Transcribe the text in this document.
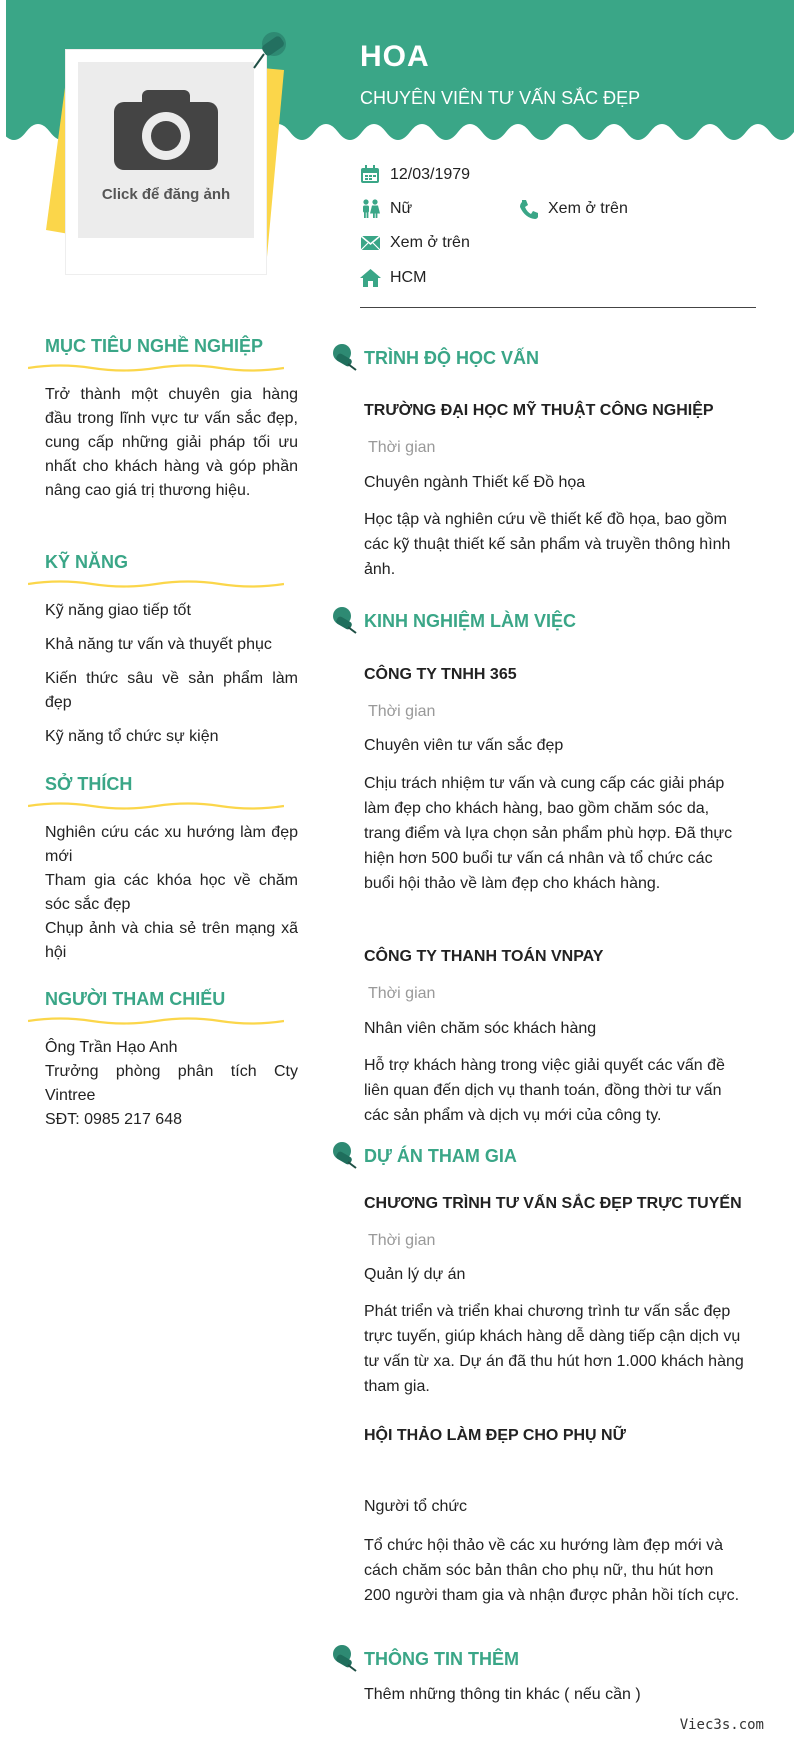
HOA
CHUYÊN VIÊN TƯ VẤN SẮC ĐẸP
Click để đăng ảnh
12/03/1979
Nữ	Xem ở trên
Xem ở trên
HCM
MỤC TIÊU NGHỀ NGHIỆP
Trở thành một chuyên gia hàng đầu trong lĩnh vực tư vấn sắc đẹp, cung cấp những giải pháp tối ưu nhất cho khách hàng và góp phần nâng cao giá trị thương hiệu.
KỸ NĂNG
Kỹ năng giao tiếp tốt
Khả năng tư vấn và thuyết phục
Kiến thức sâu về sản phẩm làm đẹp
Kỹ năng tổ chức sự kiện
SỞ THÍCH

Nghiên cứu các xu hướng làm đẹp mới

Tham gia các khóa học về chăm sóc sắc đẹp

Chụp ảnh và chia sẻ trên mạng xã hội

NGƯỜI THAM CHIẾU

Ông Trần Hạo Anh

Trưởng phòng phân tích Cty Vintree

SĐT: 0985 217 648

TRÌNH ĐỘ HỌC VẤN
KINH NGHIỆM LÀM VIỆC
DỰ ÁN THAM GIA
THÔNG TIN THÊM
TRƯỜNG ĐẠI HỌC MỸ THUẬT CÔNG NGHIỆP
Thời gian
Chuyên ngành Thiết kế Đồ họa
Học tập và nghiên cứu về thiết kế đồ họa, bao gồm các kỹ thuật thiết kế sản phẩm và truyền thông hình ảnh.
CÔNG TY TNHH 365
Thời gian
Chuyên viên tư vấn sắc đẹp
Chịu trách nhiệm tư vấn và cung cấp các giải pháp làm đẹp cho khách hàng, bao gồm chăm sóc da, trang điểm và lựa chọn sản phẩm phù hợp. Đã thực hiện hơn 500 buổi tư vấn cá nhân và tổ chức các buổi hội thảo về làm đẹp cho khách hàng.
CÔNG TY THANH TOÁN VNPAY
Thời gian
Nhân viên chăm sóc khách hàng
Hỗ trợ khách hàng trong việc giải quyết các vấn đề liên quan đến dịch vụ thanh toán, đồng thời tư vấn các sản phẩm và dịch vụ mới của công ty.
CHƯƠNG TRÌNH TƯ VẤN SẮC ĐẸP TRỰC TUYẾN
Thời gian
Quản lý dự án
Phát triển và triển khai chương trình tư vấn sắc đẹp trực tuyến, giúp khách hàng dễ dàng tiếp cận dịch vụ tư vấn từ xa. Dự án đã thu hút hơn 1.000 khách hàng tham gia.
HỘI THẢO LÀM ĐẸP CHO PHỤ NỮ
Người tổ chức
Tổ chức hội thảo về các xu hướng làm đẹp mới và cách chăm sóc bản thân cho phụ nữ, thu hút hơn 200 người tham gia và nhận được phản hồi tích cực.
Thêm những thông tin khác ( nếu cần )
Viec3s.com
